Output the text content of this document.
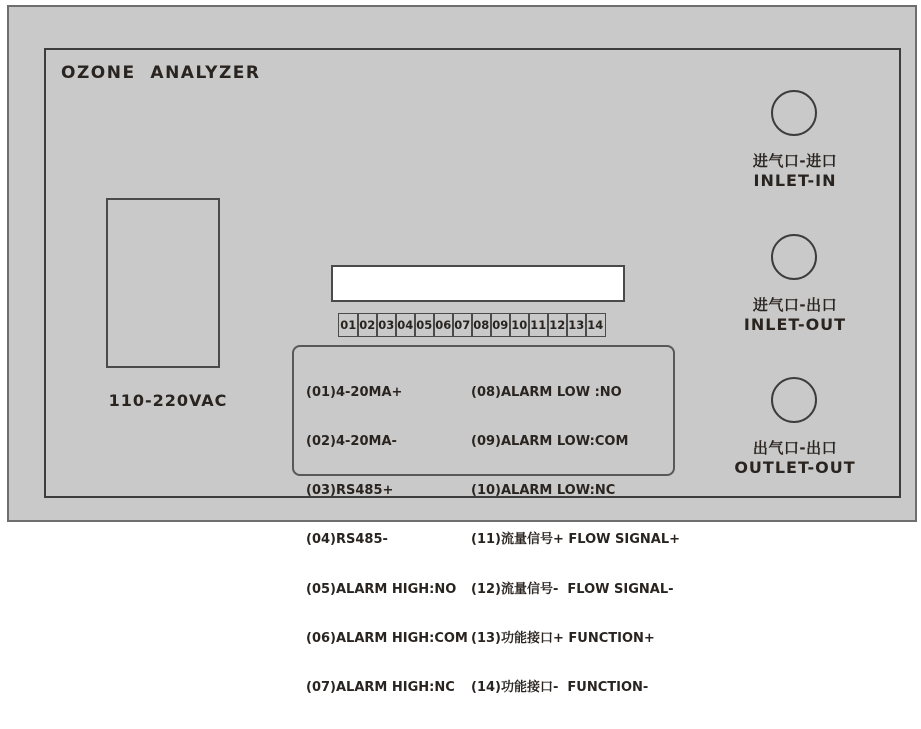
OZONE  ANALYZER
110-220VAC
01 02 03 04 05 06 07 08 09 10 11 12 13 14

(01)4-20MA+

(02)4-20MA-

(03)RS485+

(04)RS485-

(05)ALARM HIGH:NO

(06)ALARM HIGH:COM

(07)ALARM HIGH:NC

(08)ALARM LOW :NO

(09)ALARM LOW:COM

(10)ALARM LOW:NC

(11)流量信号+ FLOW SIGNAL+

(12)流量信号-  FLOW SIGNAL-

(13)功能接口+ FUNCTION+

(14)功能接口-  FUNCTION-

进气口-进口
INLET-IN
进气口-出口
INLET-OUT
出气口-出口
OUTLET-OUT
